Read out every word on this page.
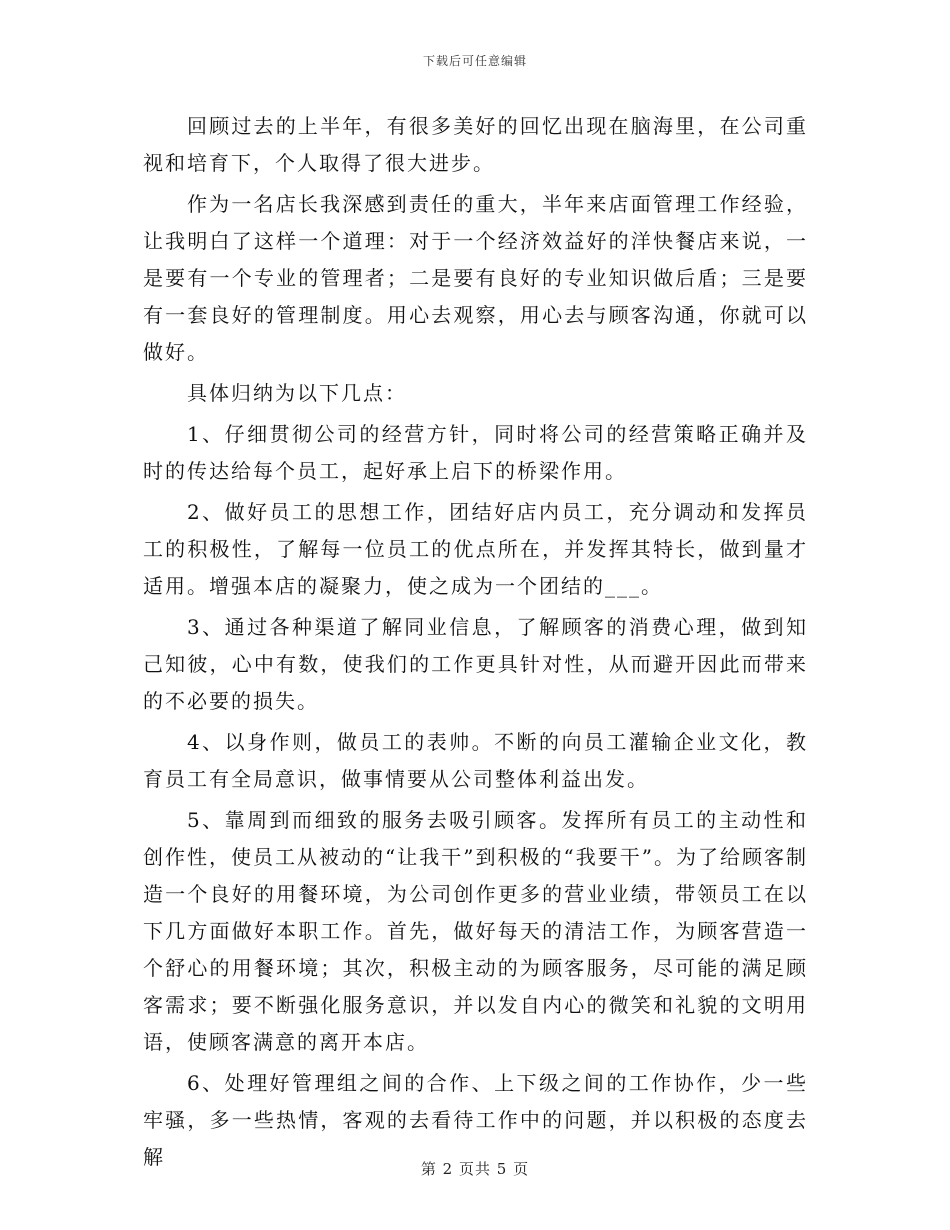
下载后可任意编辑

回顾过去的上半年，有很多美好的回忆出现在脑海里，在公司重视和培育下，个人取得了很大进步。

作为一名店长我深感到责任的重大，半年来店面管理工作经验，让我明白了这样一个道理：对于一个经济效益好的洋快餐店来说，一是要有一个专业的管理者；二是要有良好的专业知识做后盾；三是要有一套良好的管理制度。用心去观察，用心去与顾客沟通，你就可以做好。

具体归纳为以下几点：

1、仔细贯彻公司的经营方针，同时将公司的经营策略正确并及时的传达给每个员工，起好承上启下的桥梁作用。

2、做好员工的思想工作，团结好店内员工，充分调动和发挥员工的积极性，了解每一位员工的优点所在，并发挥其特长，做到量才适用。增强本店的凝聚力，使之成为一个团结的___。

3、通过各种渠道了解同业信息，了解顾客的消费心理，做到知己知彼，心中有数，使我们的工作更具针对性，从而避开因此而带来的不必要的损失。

4、以身作则，做员工的表帅。不断的向员工灌输企业文化，教育员工有全局意识，做事情要从公司整体利益出发。

5、靠周到而细致的服务去吸引顾客。发挥所有员工的主动性和创作性，使员工从被动的“让我干”到积极的“我要干”。为了给顾客制造一个良好的用餐环境，为公司创作更多的营业业绩，带领员工在以下几方面做好本职工作。首先，做好每天的清洁工作，为顾客营造一个舒心的用餐环境；其次，积极主动的为顾客服务，尽可能的满足顾客需求；要不断强化服务意识，并以发自内心的微笑和礼貌的文明用语，使顾客满意的离开本店。

6、处理好管理组之间的合作、上下级之间的工作协作，少一些牢骚，多一些热情，客观的去看待工作中的问题，并以积极的态度去解	第 2 页共 5 页
